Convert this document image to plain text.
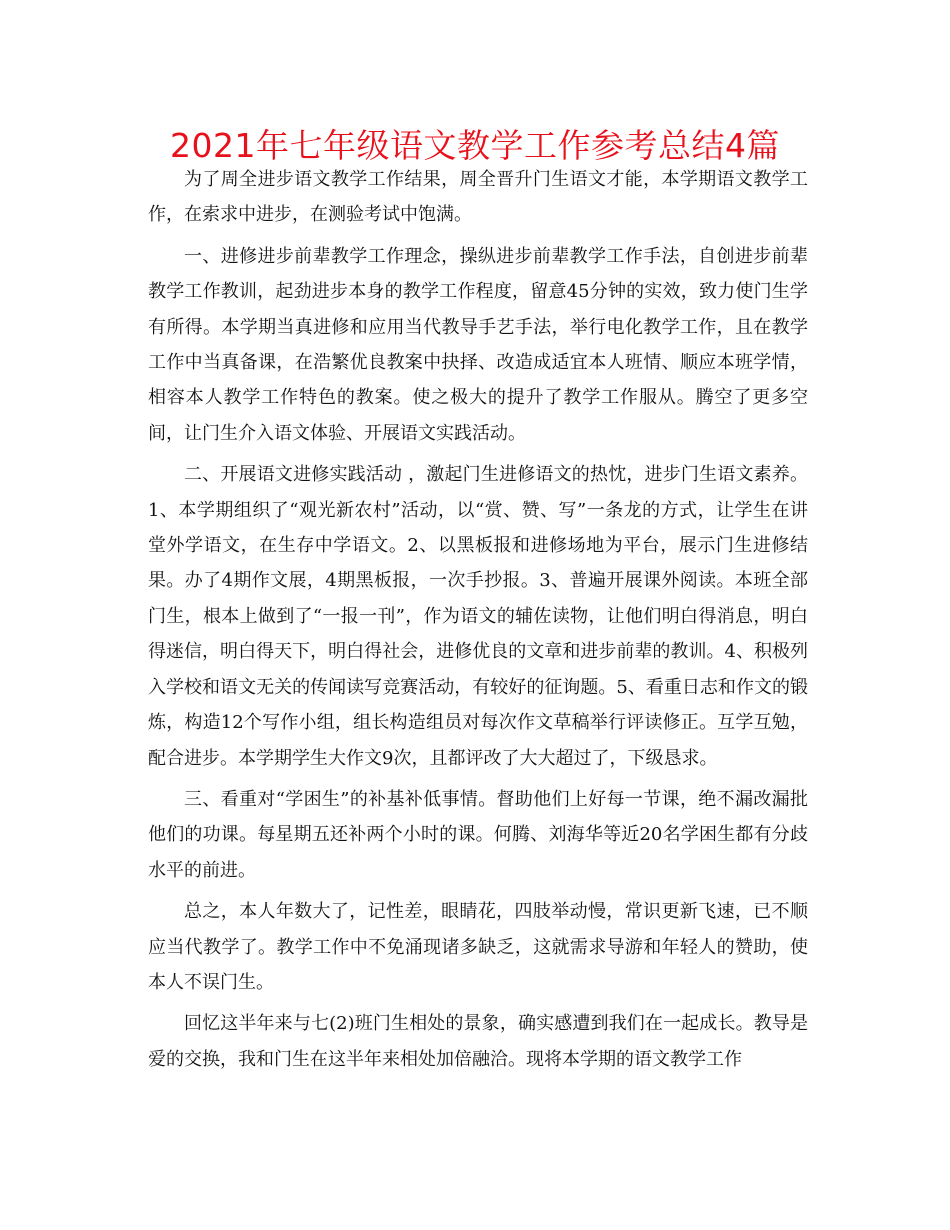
2021年七年级语文教学工作参考总结4篇

为了周全进步语文教学工作结果，周全晋升门生语文才能，本学期语文教学工作，在索求中进步，在测验考试中饱满。

一、进修进步前辈教学工作理念，操纵进步前辈教学工作手法，自创进步前辈教学工作教训，起劲进步本身的教学工作程度，留意45分钟的实效，致力使门生学有所得。本学期当真进修和应用当代教导手艺手法，举行电化教学工作，且在教学工作中当真备课，在浩繁优良教案中抉择、改造成适宜本人班情、顺应本班学情，相容本人教学工作特色的教案。使之极大的提升了教学工作服从。腾空了更多空间，让门生介入语文体验、开展语文实践活动。

二、开展语文进修实践活动 ，激起门生进修语文的热忱，进步门生语文素养。1、本学期组织了“观光新农村”活动，以“赏、赞、写”一条龙的方式，让学生在讲堂外学语文，在生存中学语文。2、以黑板报和进修场地为平台，展示门生进修结果。办了4期作文展，4期黑板报，一次手抄报。3、普遍开展课外阅读。本班全部门生，根本上做到了“一报一刊”，作为语文的辅佐读物，让他们明白得消息，明白得迷信，明白得天下，明白得社会，进修优良的文章和进步前辈的教训。4、积极列入学校和语文无关的传闻读写竞赛活动，有较好的征询题。5、看重日志和作文的锻炼，构造12个写作小组，组长构造组员对每次作文草稿举行评读修正。互学互勉，配合进步。本学期学生大作文9次，且都评改了大大超过了，下级恳求。

三、看重对“学困生”的补基补低事情。督助他们上好每一节课，绝不漏改漏批他们的功课。每星期五还补两个小时的课。何腾、刘海华等近20名学困生都有分歧水平的前进。

总之，本人年数大了，记性差，眼睛花，四肢举动慢，常识更新飞速，已不顺应当代教学了。教学工作中不免涌现诸多缺乏，这就需求导游和年轻人的赞助，使本人不误门生。

回忆这半年来与七(2)班门生相处的景象，确实感遭到我们在一起成长。教导是爱的交换，我和门生在这半年来相处加倍融洽。现将本学期的语文教学工作
